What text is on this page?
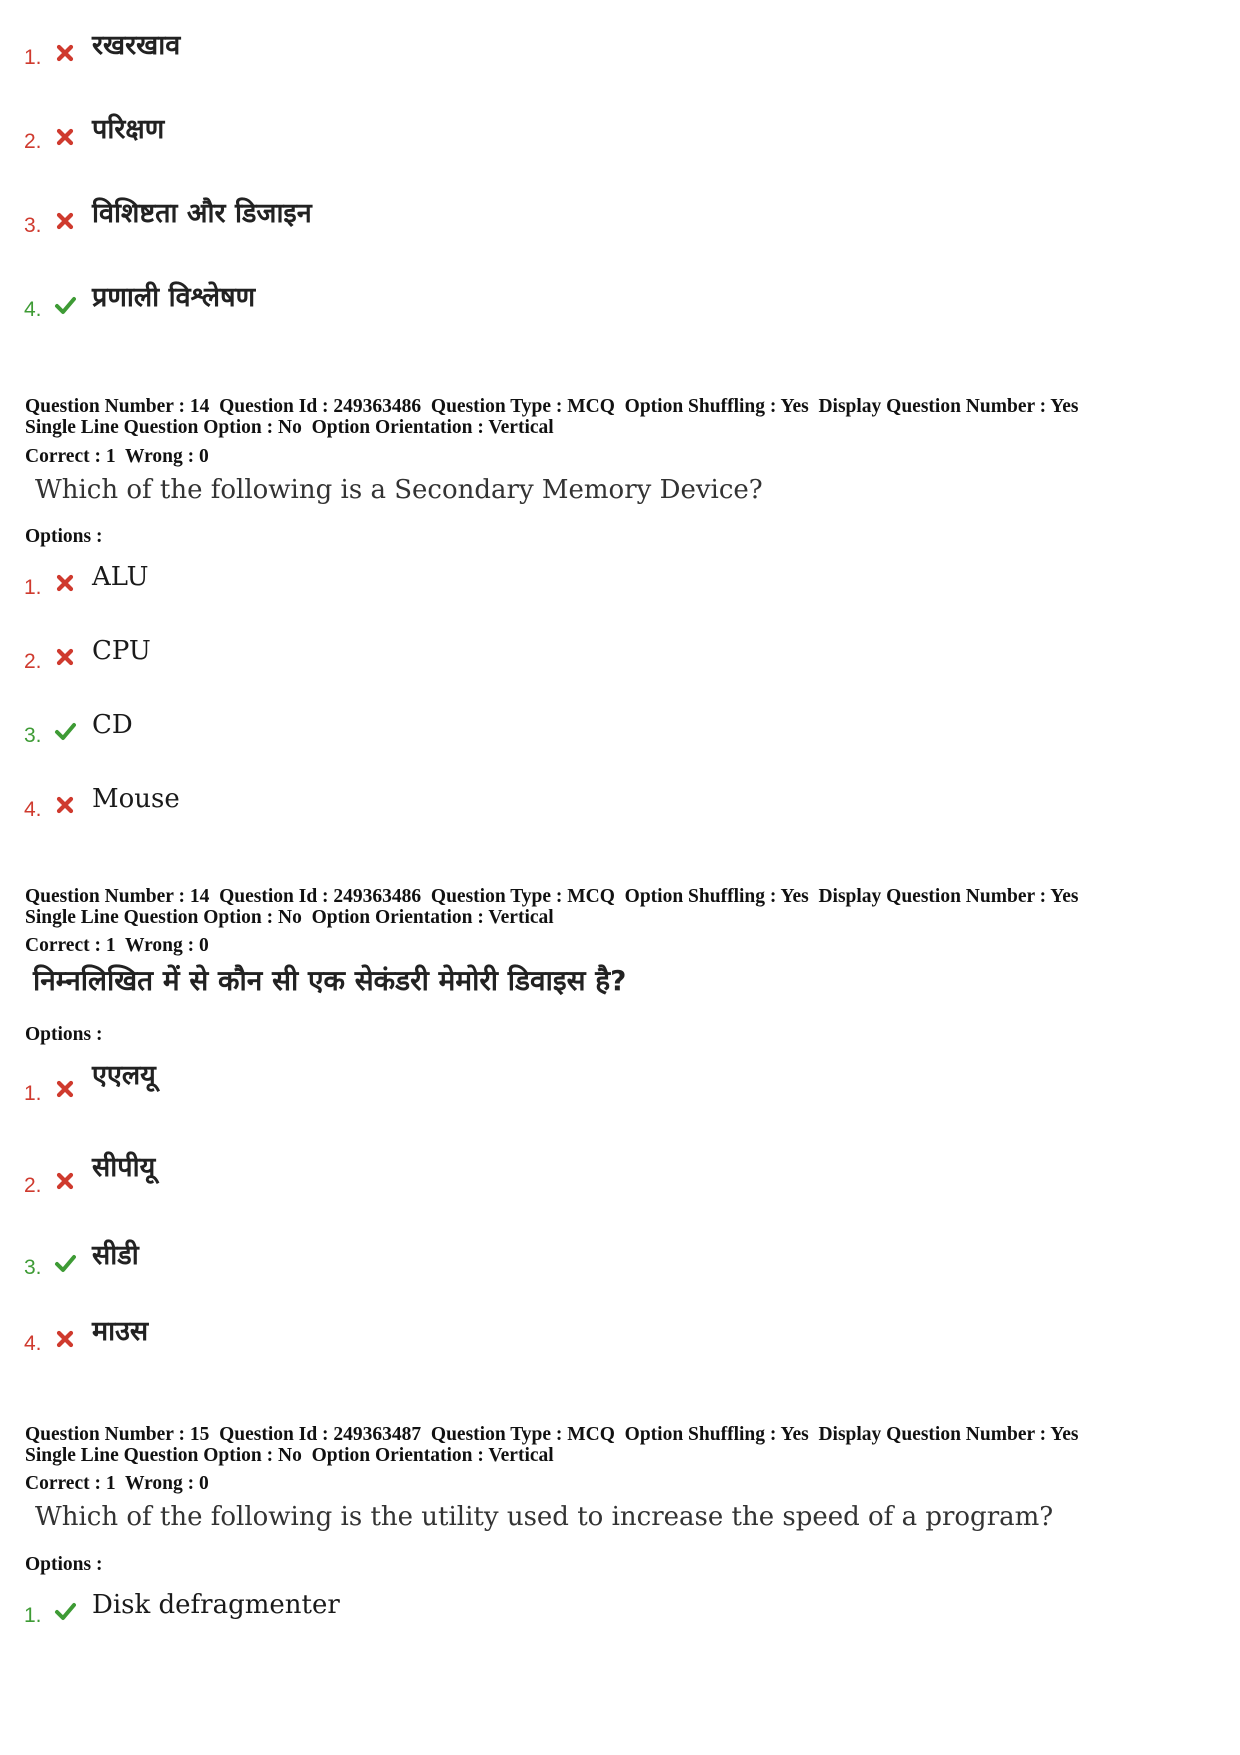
1. रखरखाव
2. परिक्षण
3. विशिष्टता और डिजाइन
4. प्रणाली विश्लेषण
Question Number : 14  Question Id : 249363486  Question Type : MCQ  Option Shuffling : Yes  Display Question Number : Yes
Single Line Question Option : No  Option Orientation : Vertical
Correct : 1  Wrong : 0
Which of the following is a Secondary Memory Device?
Options :
1. ALU
2. CPU
3. CD
4. Mouse
Question Number : 14  Question Id : 249363486  Question Type : MCQ  Option Shuffling : Yes  Display Question Number : Yes
Single Line Question Option : No  Option Orientation : Vertical
Correct : 1  Wrong : 0
निम्नलिखित में से कौन सी एक सेकंडरी मेमोरी डिवाइस है?
Options :
1.
एएलयू
2.
सीपीयू
3. सीडी
4. माउस
Question Number : 15  Question Id : 249363487  Question Type : MCQ  Option Shuffling : Yes  Display Question Number : Yes
Single Line Question Option : No  Option Orientation : Vertical
Correct : 1  Wrong : 0
Which of the following is the utility used to increase the speed of a program?
Options :
1. Disk defragmenter
